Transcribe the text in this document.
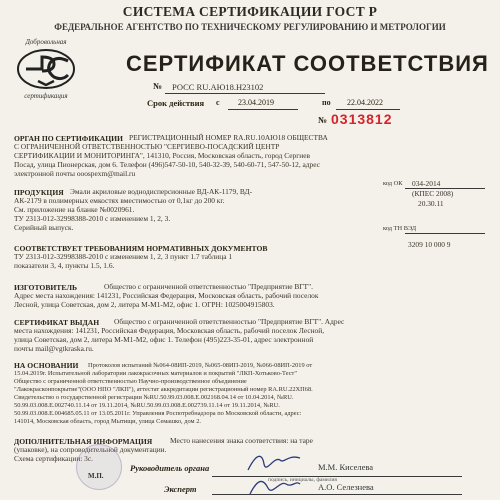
СИСТЕМА СЕРТИФИКАЦИИ ГОСТ Р
ФЕДЕРАЛЬНОЕ АГЕНТСТВО ПО ТЕХНИЧЕСКОМУ РЕГУЛИРОВАНИЮ И МЕТРОЛОГИИ
Добровольная
сертификация
СЕРТИФИКАТ СООТВЕТСТВИЯ
№ РОСС RU.АЮ18.Н23102
Срок действия с 23.04.2019	по 22.04.2022
№ 0313812
ОРГАН ПО СЕРТИФИКАЦИИ РЕГИСТРАЦИОННЫЙ НОМЕР RA.RU.10АЮ18 ОБЩЕСТВА
С ОГРАНИЧЕННОЙ ОТВЕТСТВЕННОСТЬЮ "СЕРГИЕВО-ПОСАДСКИЙ ЦЕНТР
СЕРТИФИКАЦИИ И МОНИТОРИНГА", 141310, Россия, Московская область, город Сергиев
Посад, улица Пионерская, дом 6. Телефон (496)547-50-10, 540-32-39, 540-60-71, 547-50-12, адрес
электронной почты ooospexm@mail.ru
ПРОДУКЦИЯ Эмали акриловые воднодисперсионные ВД-АК-1179, ВД-
АК-2179 в полимерных емкостях вместимостью от 0,1кг до 200 кг.
См. приложение на бланке №0020961.
ТУ 2313-012-32998388-2010 с изменением 1, 2, 3.
Серийный выпуск.
код ОК 034-2014
(КПЕС 2008)
20.30.11
СООТВЕТСТВУЕТ ТРЕБОВАНИЯМ НОРМАТИВНЫХ ДОКУМЕНТОВ
ТУ 2313-012-32998388-2010 с изменением 1, 2, 3 пункт 1.7 таблица 1
показатели 3, 4, пункты 1.5, 1.6.
код ТН ВЭД
3209 10 000 9
ИЗГОТОВИТЕЛЬ	Общество с ограниченной ответственностью "Предприятие ВГТ".
Адрес места нахождения: 141231, Российская Федерация, Московская область, рабочий поселок
Лесной, улица Советская, дом 2, литера М-М1-М2, офис 1. ОГРН: 1025004915803.
СЕРТИФИКАТ ВЫДАН Общество с ограниченной ответственностью "Предприятие ВГТ". Адрес
места нахождения: 141231, Российская Федерация, Московская область, рабочий поселок Лесной,
улица Советская, дом 2, литера М-М1-М2, офис 1. Телефон (495)223-35-01, адрес электронной
почты mail@vgtkraska.ru.
НА ОСНОВАНИИ Протоколов испытаний №064-08ИП-2019, №065-08ИП-2019, №066-08ИП-2019 от
15.04.2019г. Испытательной лаборатории лакокрасочных материалов и покрытий "ЛКП-Хотьково-Тест"
Общество с ограниченной ответственностью Научно-производственное объединение
"Лакокрасконпокрытие"(ООО НПО "ЛКП"), аттестат аккредитации регистрационный номер RA.RU.22ХП68.
Свидетельство о государственной регистрации №RU.50.99.03.008.Е.002168.04.14 от 10.04.2014, №RU.
50.99.03.008.Е.002740.11.14 от 19.11.2014, №RU.50.99.03.008.Е.002739.11.14 от 19.11.2014, №RU.
50.99.03.008.Е.004685.05.11 от 13.05.2011г. Управления Роспотребнадзора по Московской области, адрес:
141014, Московская область, город Мытищи, улица Семашко, дом 2.
ДОПОЛНИТЕЛЬНАЯ ИНФОРМАЦИЯ Место нанесения знака соответствия: на таре
(упаковке), на сопроводительной документации.
Схема сертификации: 3с.
М.П.
Руководитель органа	М.М. Киселева
подпись, инициалы, фамилия
Эксперт	А.О. Селезнева
